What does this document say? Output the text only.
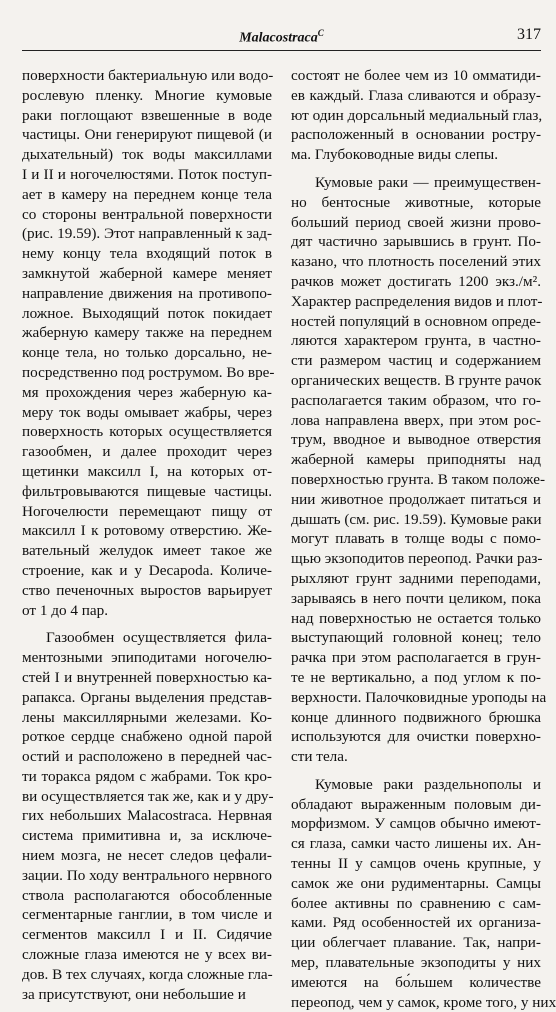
Malacostraca$^C$	317

поверхности бактериальную или водо-
рослевую пленку. Многие кумовые
раки поглощают взвешенные в воде
частицы. Они генерируют пищевой (и
дыхательный) ток воды максиллами
I и II и ногочелюстями. Поток поступ-
ает в камеру на переднем конце тела
со стороны вентральной поверхности
(рис. 19.59). Этот направленный к зад-
нему концу тела входящий поток в
замкнутой жаберной камере меняет
направление движения на противопо-
ложное. Выходящий поток покидает
жаберную камеру также на переднем
конце тела, но только дорсально, не-
посредственно под рострумом. Во вре-
мя прохождения через жаберную ка-
меру ток воды омывает жабры, через
поверхность которых осуществляется
газообмен, и далее проходит через
щетинки максилл I, на которых от-
фильтровываются пищевые частицы.
Ногочелюсти перемещают пищу от
максилл I к ротовому отверстию. Же-
вательный желудок имеет такое же
строение, как и у Decapoda. Количе-
ство печеночных выростов варьирует
от 1 до 4 пар.

Газообмен осуществляется фила-
ментозными эпиподитами ногочелю-
стей I и внутренней поверхностью ка-
рапакса. Органы выделения представ-
лены максиллярными железами. Ко-
роткое сердце снабжено одной парой
остий и расположено в передней час-
ти торакса рядом с жабрами. Ток кро-
ви осуществляется так же, как и у дру-
гих небольших Malacostraca. Нервная
система примитивна и, за исключе-
нием мозга, не несет следов цефали-
зации. По ходу вентрального нервного
ствола располагаются обособленные
сегментарные ганглии, в том числе и
сегментов максилл I и II. Сидячие
сложные глаза имеются не у всех ви-
дов. В тех случаях, когда сложные гла-
за присутствуют, они небольшие и

состоят не более чем из 10 омматиди-
ев каждый. Глаза сливаются и образу-
ют один дорсальный медиальный глаз,
расположенный в основании ростру-
ма. Глубоководные виды слепы.

Кумовые раки — преимуществен-
но бентосные животные, которые
больший период своей жизни прово-
дят частично зарывшись в грунт. По-
казано, что плотность поселений этих
рачков может достигать 1200 экз./м².
Характер распределения видов и плот-
ностей популяций в основном опреде-
ляются характером грунта, в частно-
сти размером частиц и содержанием
органических веществ. В грунте рачок
располагается таким образом, что го-
лова направлена вверх, при этом рос-
трум, вводное и выводное отверстия
жаберной камеры приподняты над
поверхностью грунта. В таком положе-
нии животное продолжает питаться и
дышать (см. рис. 19.59). Кумовые раки
могут плавать в толще воды с помо-
щью экзоподитов переопод. Рачки раз-
рыхляют грунт задними переподами,
зарываясь в него почти целиком, пока
над поверхностью не остается только
выступающий головной конец; тело
рачка при этом располагается в грун-
те не вертикально, а под углом к по-
верхности. Палочковидные уроподы на
конце длинного подвижного брюшка
используются для очистки поверхно-
сти тела.

Кумовые раки раздельнополы и
обладают выраженным половым ди-
морфизмом. У самцов обычно имеют-
ся глаза, самки часто лишены их. Ан-
тенны II у самцов очень крупные, у
самок же они рудиментарны. Самцы
более активны по сравнению с сам-
ками. Ряд особенностей их организа-
ции облегчает плавание. Так, напри-
мер, плавательные экзоподиты у них
имеются на бо́льшем количестве
переопод, чем у самок, кроме того, у них
